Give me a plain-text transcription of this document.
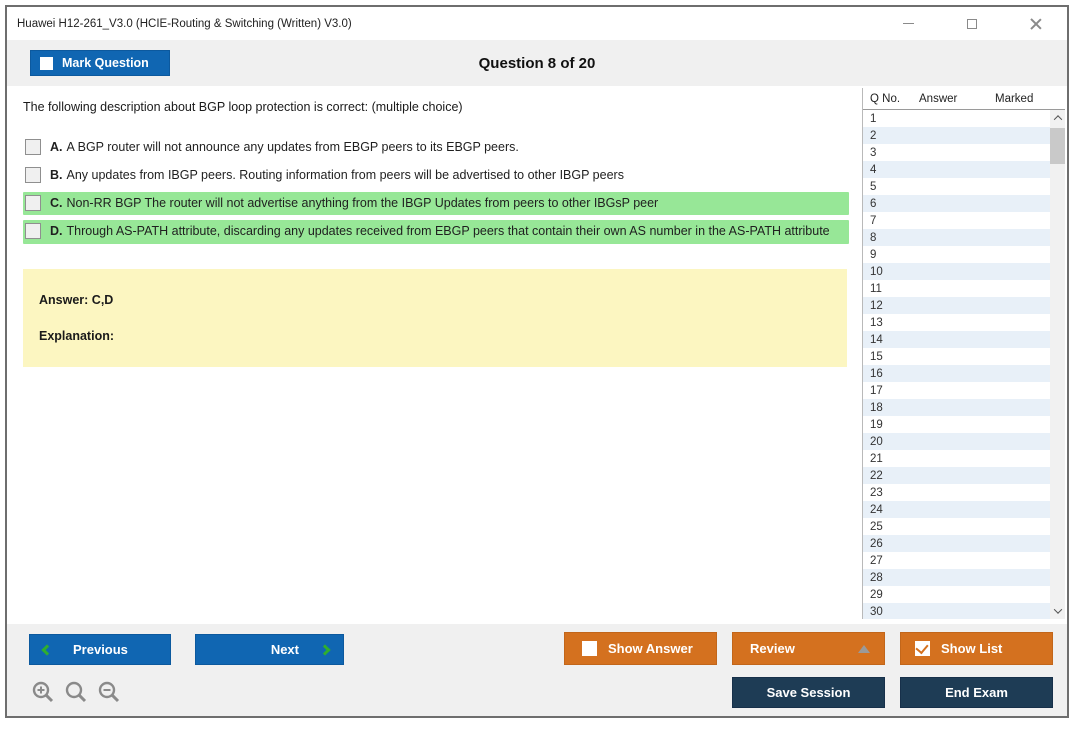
Huawei H12-261_V3.0 (HCIE-Routing & Switching (Written) V3.0)
Mark Question	Question 8 of 20
The following description about BGP loop protection is correct: (multiple choice)
A. A BGP router will not announce any updates from EBGP peers to its EBGP peers.
B. Any updates from IBGP peers. Routing information from peers will be advertised to other IBGP peers
C. Non-RR BGP The router will not advertise anything from the IBGP Updates from peers to other IBGsP peer
D. Through AS-PATH attribute, discarding any updates received from EBGP peers that contain their own AS number in the AS-PATH attribute
Answer: C,D
Explanation:
Q No.	Answer	Marked
1
2
3
4
5
6
7
8
9
10
11
12
13
14
15
16
17
18
19
20
21
22
23
24
25
26
27
28
29
30
Previous	Next	Show Answer	Review	Show List
Save Session	End Exam
